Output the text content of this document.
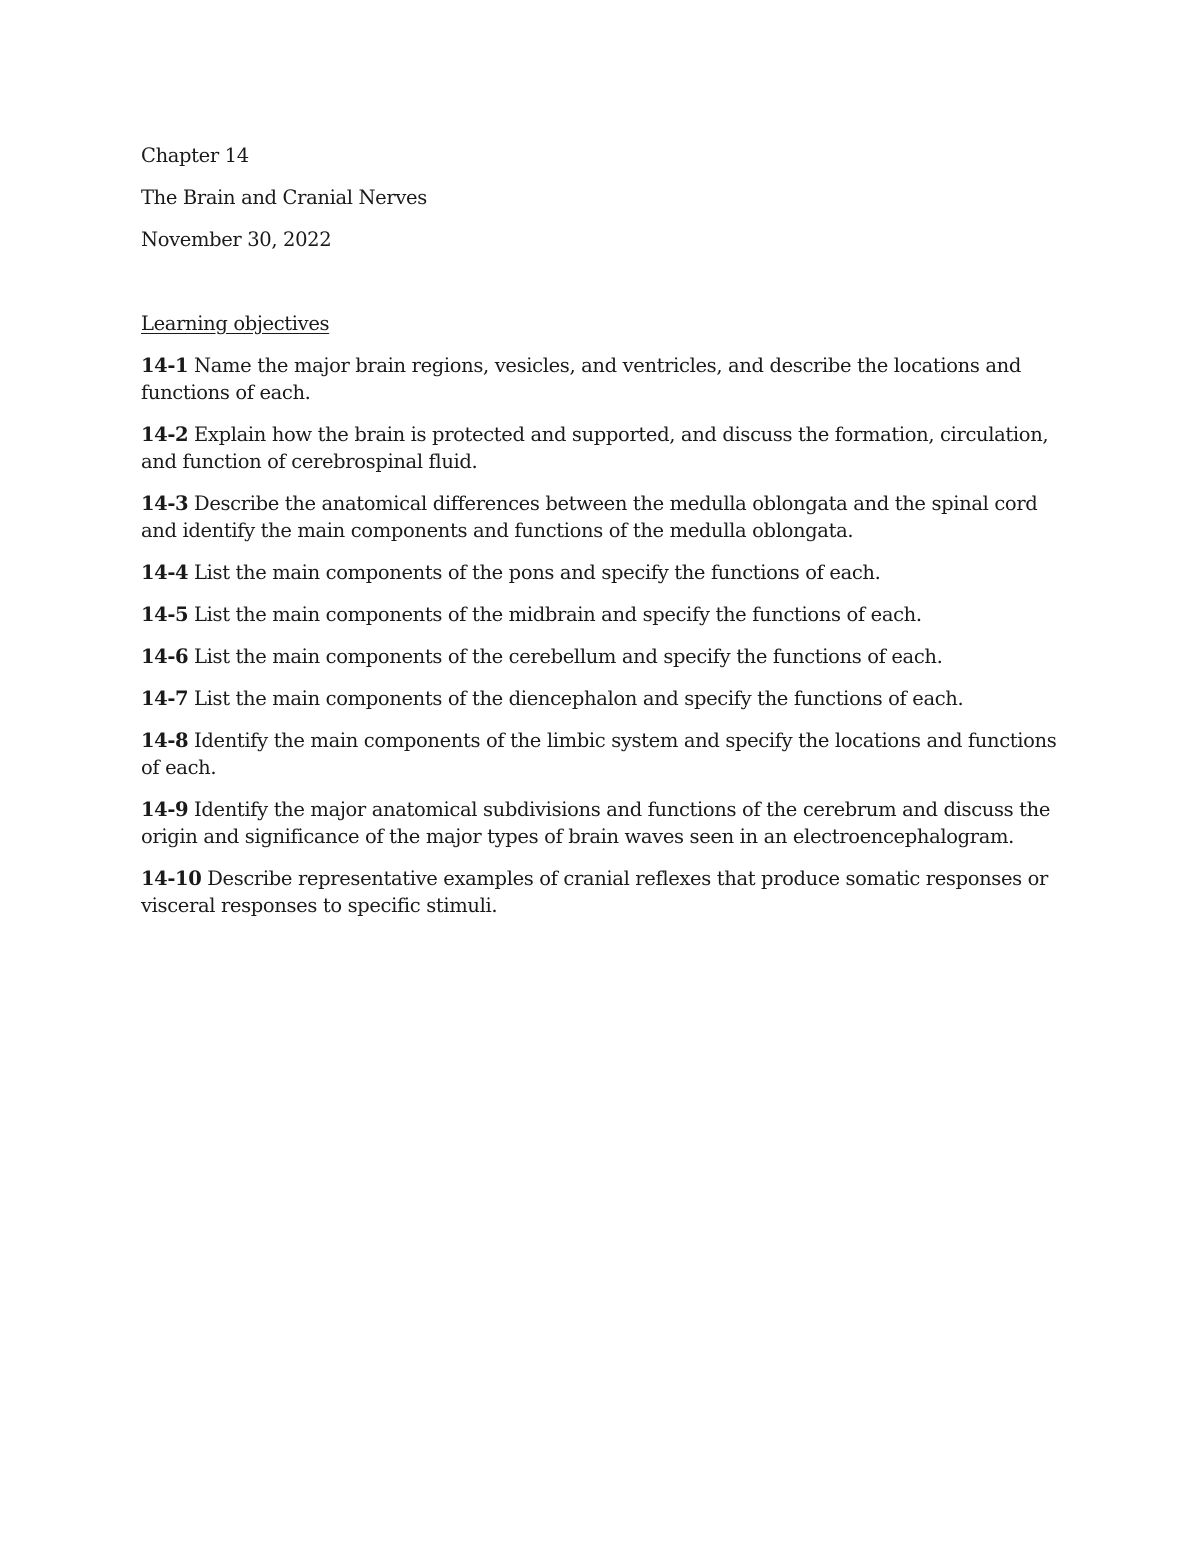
Chapter 14

The Brain and Cranial Nerves

November 30, 2022

Learning objectives

14-1 Name the major brain regions, vesicles, and ventricles, and describe the locations and functions of each.

14-2 Explain how the brain is protected and supported, and discuss the formation, circulation, and function of cerebrospinal fluid.

14-3 Describe the anatomical differences between the medulla oblongata and the spinal cord and identify the main components and functions of the medulla oblongata.

14-4 List the main components of the pons and specify the functions of each.

14-5 List the main components of the midbrain and specify the functions of each.

14-6 List the main components of the cerebellum and specify the functions of each.

14-7 List the main components of the diencephalon and specify the functions of each.

14-8 Identify the main components of the limbic system and specify the locations and functions of each.

14-9 Identify the major anatomical subdivisions and functions of the cerebrum and discuss the origin and significance of the major types of brain waves seen in an electroencephalogram.

14-10 Describe representative examples of cranial reflexes that produce somatic responses or visceral responses to specific stimuli.
